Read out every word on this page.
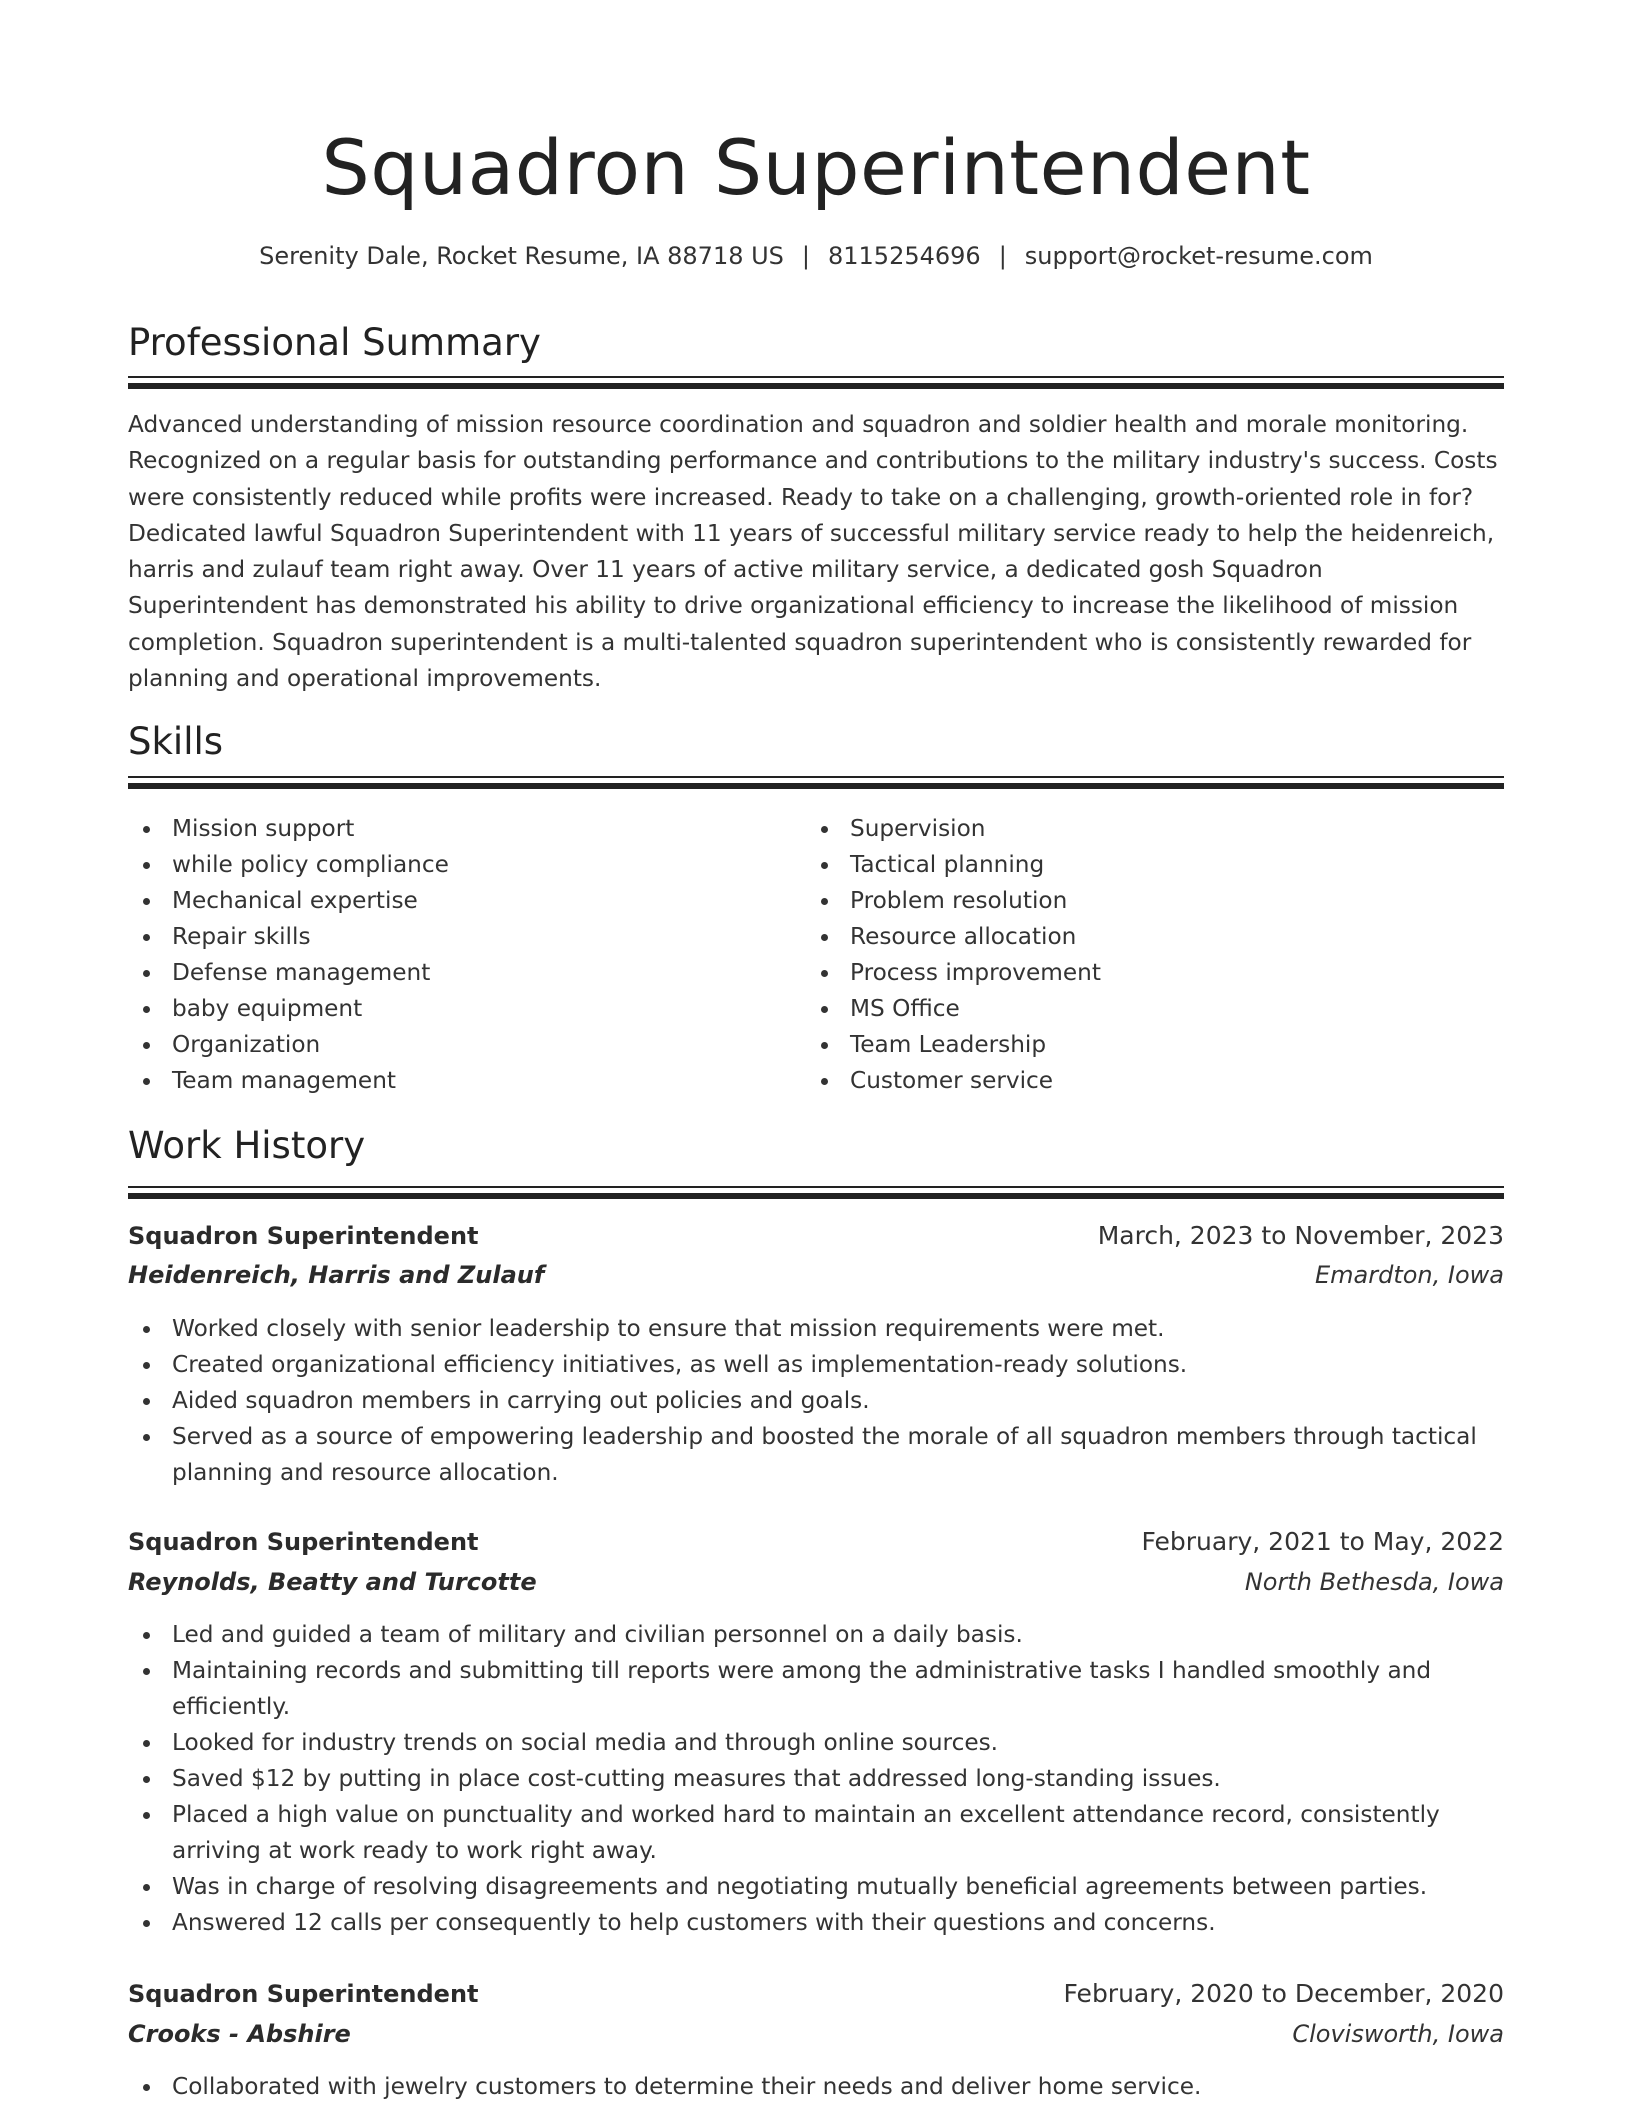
Squadron Superintendent
Serenity Dale, Rocket Resume, IA 88718 US | 8115254696 | support@rocket-resume.com
Professional Summary

Advanced understanding of mission resource coordination and squadron and soldier health and morale monitoring. Recognized on a regular basis for outstanding performance and contributions to the military industry's success. Costs were consistently reduced while profits were increased. Ready to take on a challenging, growth-oriented role in for? Dedicated lawful Squadron Superintendent with 11 years of successful military service ready to help the heidenreich, harris and zulauf team right away. Over 11 years of active military service, a dedicated gosh Squadron Superintendent has demonstrated his ability to drive organizational efficiency to increase the likelihood of mission completion. Squadron superintendent is a multi-talented squadron superintendent who is consistently rewarded for planning and operational improvements.

Skills
Mission support
while policy compliance
Mechanical expertise
Repair skills
Defense management
baby equipment
Organization
Team management
Supervision
Tactical planning
Problem resolution
Resource allocation
Process improvement
MS Office
Team Leadership
Customer service
Work History
Squadron Superintendent	March, 2023 to November, 2023
Heidenreich, Harris and Zulauf	Emardton, Iowa
Worked closely with senior leadership to ensure that mission requirements were met.
Created organizational efficiency initiatives, as well as implementation-ready solutions.
Aided squadron members in carrying out policies and goals.
Served as a source of empowering leadership and boosted the morale of all squadron members through tactical planning and resource allocation.
Squadron Superintendent	February, 2021 to May, 2022
Reynolds, Beatty and Turcotte	North Bethesda, Iowa
Led and guided a team of military and civilian personnel on a daily basis.
Maintaining records and submitting till reports were among the administrative tasks I handled smoothly and efficiently.
Looked for industry trends on social media and through online sources.
Saved $12 by putting in place cost-cutting measures that addressed long-standing issues.
Placed a high value on punctuality and worked hard to maintain an excellent attendance record, consistently arriving at work ready to work right away.
Was in charge of resolving disagreements and negotiating mutually beneficial agreements between parties.
Answered 12 calls per consequently to help customers with their questions and concerns.
Squadron Superintendent	February, 2020 to December, 2020
Crooks - Abshire	Clovisworth, Iowa
Collaborated with jewelry customers to determine their needs and deliver home service.
